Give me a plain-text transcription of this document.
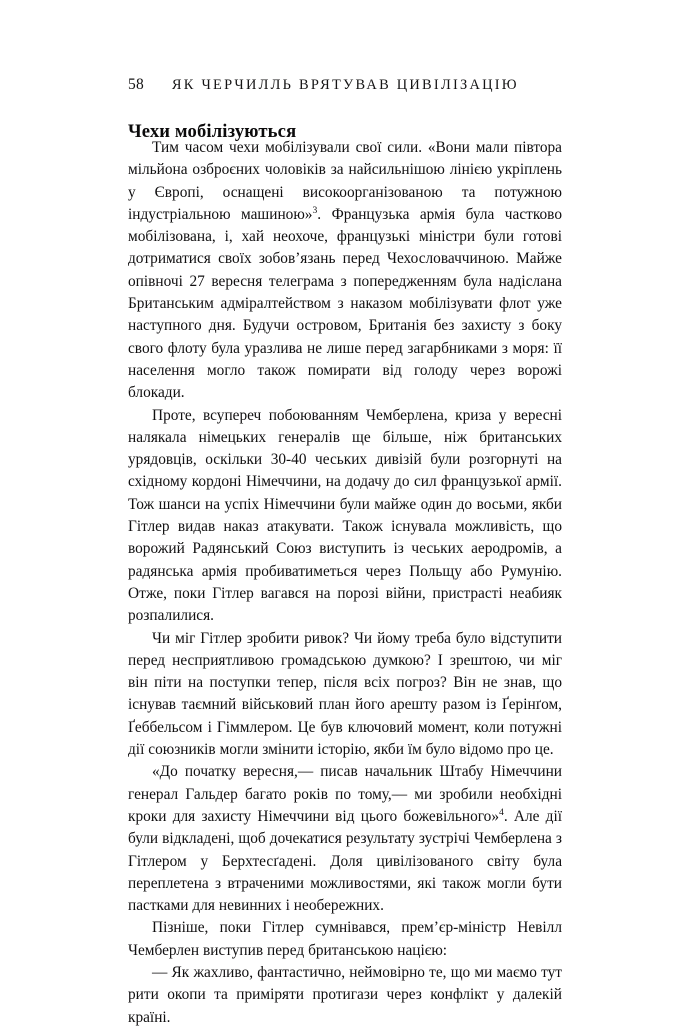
58 ЯК ЧЕРЧИЛЛЬ ВРЯТУВАВ ЦИВІЛІЗАЦІЮ
Чехи мобілізуються

Тим часом чехи мобілізували свої сили. «Вони мали півтора мільйона озброєних чоловіків за найсильнішою лінією укріплень у Європі, оснащені високоорганізованою та потужною індустріальною машиною»$^3$. Французька армія була частково мобілізована, і, хай неохоче, французькі міністри були готові дотриматися своїх зобов’язань перед Чехословаччиною. Майже опівночі 27 вересня телеграма з попередженням була надіслана Британським адміралтейством з наказом мобілізувати флот уже наступного дня. Будучи островом, Британія без захисту з боку свого флоту була уразлива не лише перед загарбниками з моря: її населення могло також помирати від голоду через ворожі блокади.

Проте, всупереч побоюванням Чемберлена, криза у вересні налякала німецьких генералів ще більше, ніж британських урядовців, оскільки 30-40 чеських дивізій були розгорнуті на східному кордоні Німеччини, на додачу до сил французької армії. Тож шанси на успіх Німеччини були майже один до восьми, якби Гітлер видав наказ атакувати. Також існувала можливість, що ворожий Радянський Союз виступить із чеських аеродромів, а радянська армія пробиватиметься через Польщу або Румунію. Отже, поки Гітлер вагався на порозі війни, пристрасті неабияк розпалилися.

Чи міг Гітлер зробити ривок? Чи йому треба було відступити перед несприятливою громадською думкою? І зрештою, чи міг він піти на поступки тепер, після всіх погроз? Він не знав, що існував таємний військовий план його арешту разом із Ґерінґом, Ґеббельсом і Гіммлером. Це був ключовий момент, коли потужні дії союзників могли змінити історію, якби їм було відомо про це.

«До початку вересня,— писав начальник Штабу Німеччини генерал Гальдер багато років по тому,— ми зробили необхідні кроки для захисту Німеччини від цього божевільного»$^4$. Але дії були відкладені, щоб дочекатися результату зустрічі Чемберлена з Гітлером у Берхтесґадені. Доля цивілізованого світу була переплетена з втраченими можливостями, які також могли бути пастками для невинних і необережних.

Пізніше, поки Гітлер сумнівався, прем’єр-міністр Невілл Чемберлен виступив перед британською нацією:

— Як жахливо, фантастично, неймовірно те, що ми маємо тут рити окопи та приміряти протигази через конфлікт у далекій країні.
